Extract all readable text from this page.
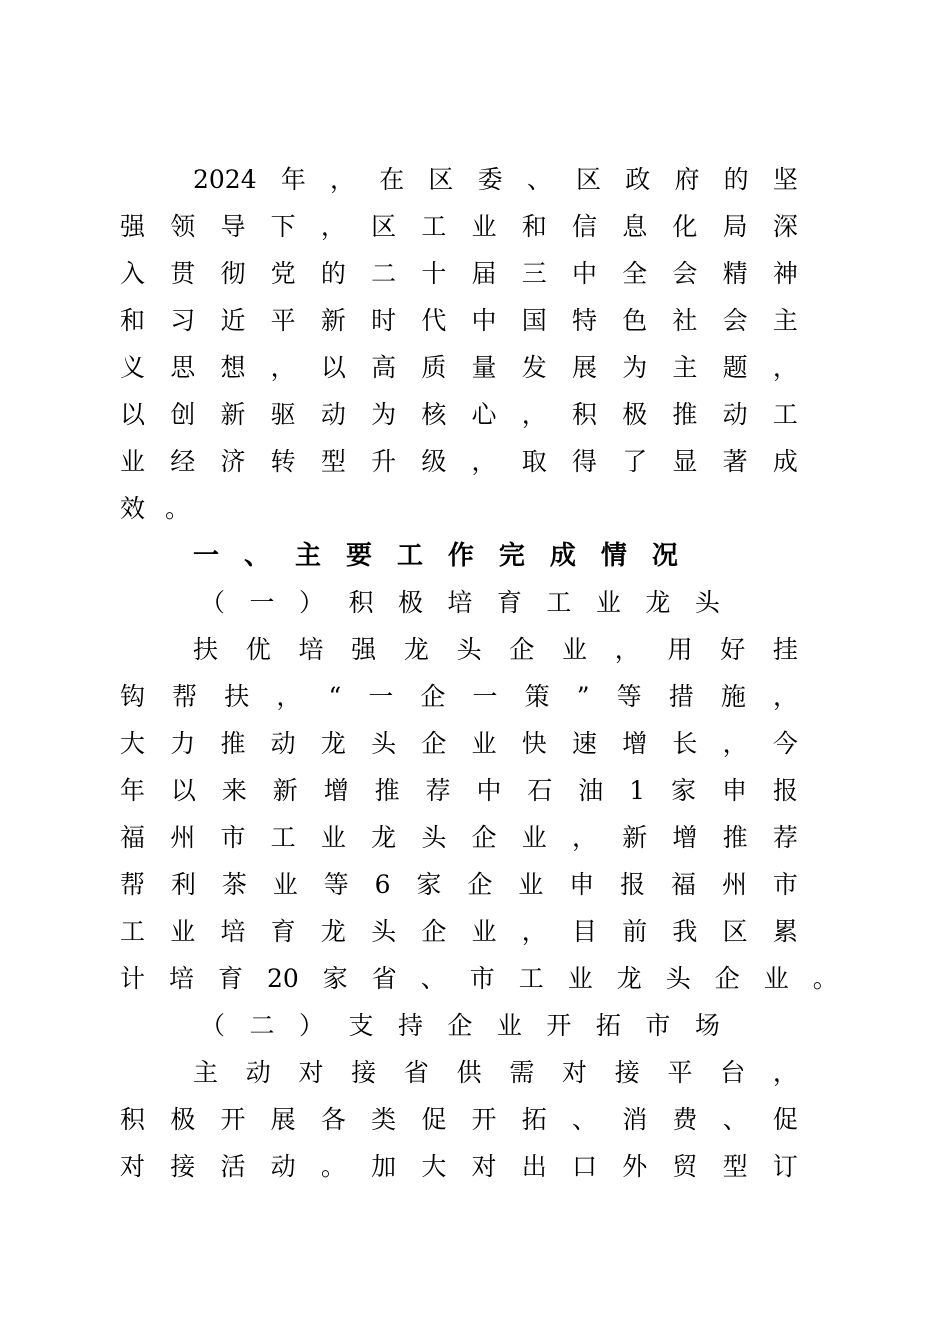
2024 年 ， 在 区 委 、 区 政 府 的 坚
强 领 导 下 ， 区 工 业 和 信 息 化 局 深
入 贯 彻 党 的 二 十 届 三 中 全 会 精 神
和 习 近 平 新 时 代 中 国 特 色 社 会 主
义 思 想 ， 以 高 质 量 发 展 为 主 题 ，
以 创 新 驱 动 为 核 心 ， 积 极 推 动 工
业 经 济 转 型 升 级 ， 取 得 了 显 著 成
效 。
一 、 主 要 工 作 完 成 情 况
（ 一 ） 积 极 培 育 工 业 龙 头
扶 优 培 强 龙 头 企 业 ， 用 好 挂
钩 帮 扶 ， “ 一 企 一 策 ” 等 措 施 ，
大 力 推 动 龙 头 企 业 快 速 增 长 ， 今
年 以 来 新 增 推 荐 中 石 油 1 家 申 报
福 州 市 工 业 龙 头 企 业 ， 新 增 推 荐
帮 利 茶 业 等 6 家 企 业 申 报 福 州 市
工 业 培 育 龙 头 企 业 ， 目 前 我 区 累
计 培 育 20 家 省 、 市 工 业 龙 头 企 业 。
（ 二 ） 支 持 企 业 开 拓 市 场
主 动 对 接 省 供 需 对 接 平 台 ，
积 极 开 展 各 类 促 开 拓 、 消 费 、 促
对 接 活 动 。 加 大 对 出 口 外 贸 型 订
